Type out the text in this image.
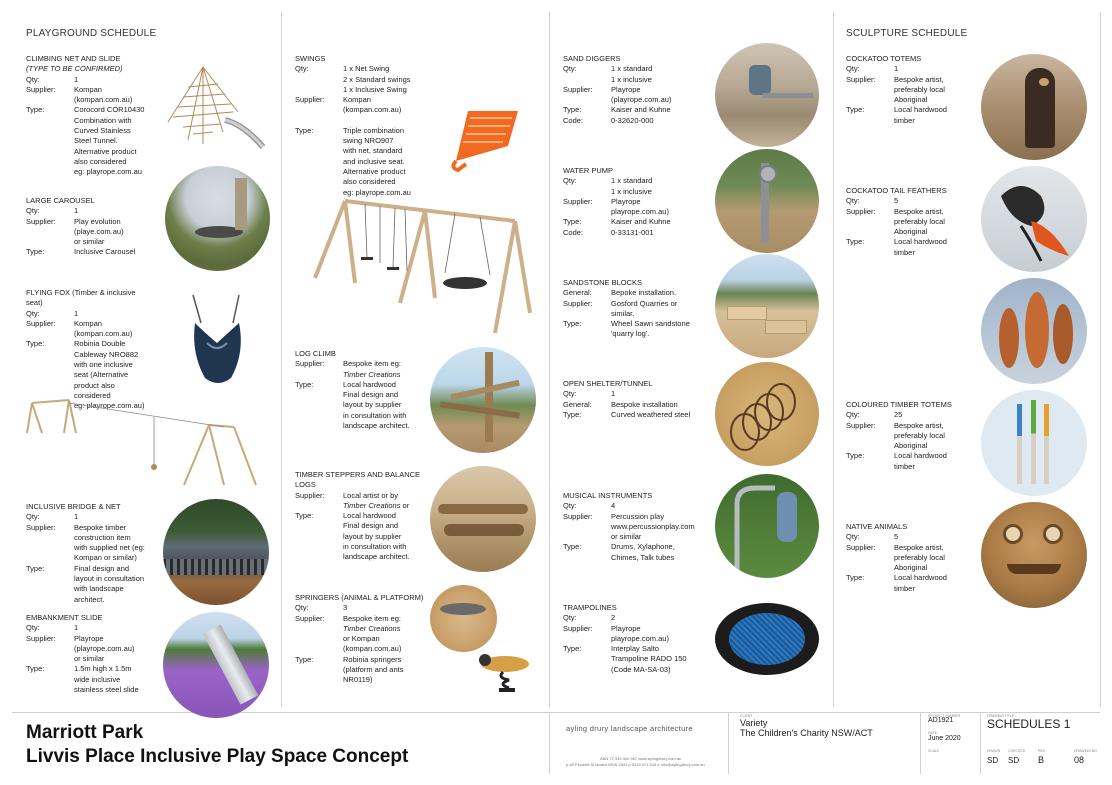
PLAYGROUND SCHEDULE
CLIMBING NET AND SLIDE
(TYPE TO BE CONFIRMED)
Qty:	1
Supplier:	Kompan
(kompan.com.au)
Type:	Corocord COR10430
Combination with
Curved Stainless
Steel Tunnel.
Alternative product
also considered
eg: playrope.com.au
LARGE CAROUSEL
Qty:	1
Supplier:	Play evolution
(playe.com.au)
or similar
Type:	Inclusive Carousel
FLYING FOX (Timber & inclusive
seat)
Qty:	1
Supplier:	Kompan
(kompan.com.au)
Type:	Robinia Double
Cableway NRO882
with one inclusive
seat (Alternative
product also
considered
eg: playrope.com.au)
INCLUSIVE BRIDGE & NET
Qty:	1
Supplier:	Bespoke timber
construction item
with supplied net (eg:
Kompan or similar)
Type:	Final design and
layout in consultation
with landscape
architect.
EMBANKMENT SLIDE
Qty:	1
Supplier:	Playrope
(playrope.com.au)
or similar
Type:	1.5m high x 1.5m
wide inclusive
stainless steel slide
SWINGS
Qty:	1 x Net Swing
2 x Standard swings
1 x Inclusive Swing
Supplier:	Kompan
(kompan.com.au)
Type:	Triple combination
swing NRO907
with net, standard
and inclusive seat.
Alternative product
also considered
eg: playrope.com.au
LOG CLIMB
Supplier:	Bespoke item eg:
Timber Creations
Type:	Local hardwood
Final design and
layout by supplier
in consultation with
landscape architect.
TIMBER STEPPERS AND BALANCE
LOGS
Supplier:	Local artist or by
Timber Creations or
Type:	Local hardwood
Final design and
layout by supplier
in consultation with
landscape architect.
SPRINGERS (ANIMAL & PLATFORM)
Qty:	3
Supplier:	Bespoke item eg:
Timber Creations
or Kompan
(kompan.com.au)
Type:	Robinia springers
(platform and ants
NR0119)
SAND DIGGERS
Qty:	1 x standard
1 x inclusive
Supplier:	Playrope
(playrope.com.au)
Type:	Kaiser and Kuhne
Code:	0-32620-000
WATER PUMP
Qty:	1 x standard
1 x inclusive
Supplier:	Playrope
playrope.com.au)
Type:	Kaiser and Kuhne
Code:	0-33131-001
SANDSTONE BLOCKS
General:	Bepoke installation.
Supplier:	Gosford Quarries or
similar.
Type:	Wheel Sawn sandstone
'quarry log'.
OPEN SHELTER/TUNNEL
Qty:	1
General:	Bespoke installation
Type:	Curved weathered steel
MUSICAL INSTRUMENTS
Qty:	4
Supplier:	Percussion play
www.percussionplay.com
or similar
Type:	Drums, Xylaphone,
Chimes, Talk tubes
TRAMPOLINES
Qty:	2
Supplier:	Playrope
playrope.com.au)
Type:	Interplay Salto
Trampoline RADO 150
(Code MA-SA-03)
SCULPTURE SCHEDULE
COCKATOO TOTEMS
Qty:	1
Supplier:	Bespoke artist,
preferably local
Aboriginal
Type:	Local hardwood
timber
COCKATOO TAIL FEATHERS
Qty:	5
Supplier:	Bespoke artist,
preferably local
Aboriginal
Type:	Local hardwood
timber
COLOURED TIMBER TOTEMS
Qty:	25
Supplier:	Bespoke artist,
preferably local
Aboriginal
Type:	Local hardwood
timber
NATIVE ANIMALS
Qty:	5
Supplier:	Bespoke artist,
preferably local
Aboriginal
Type:	Local hardwood
timber
Marriott Park
Livvis Place Inclusive Play Space Concept
ayling drury landscape architecture
ABN 72 345 400 987 www.aylingdrury.com.au
p 48 Plunkett St Nowra NSW 2541 p 0415 071 516 e info@aylingdrury.com.au
CLIENT
Variety
The Children's Charity NSW/ACT
PROJECT NUMBER
AD1921
DATE
June 2020
SCALE
DRAWING TITLE
SCHEDULES 1
DRAWN
SD
CHECKED
SD
REV
B
DRAWING NO
08
